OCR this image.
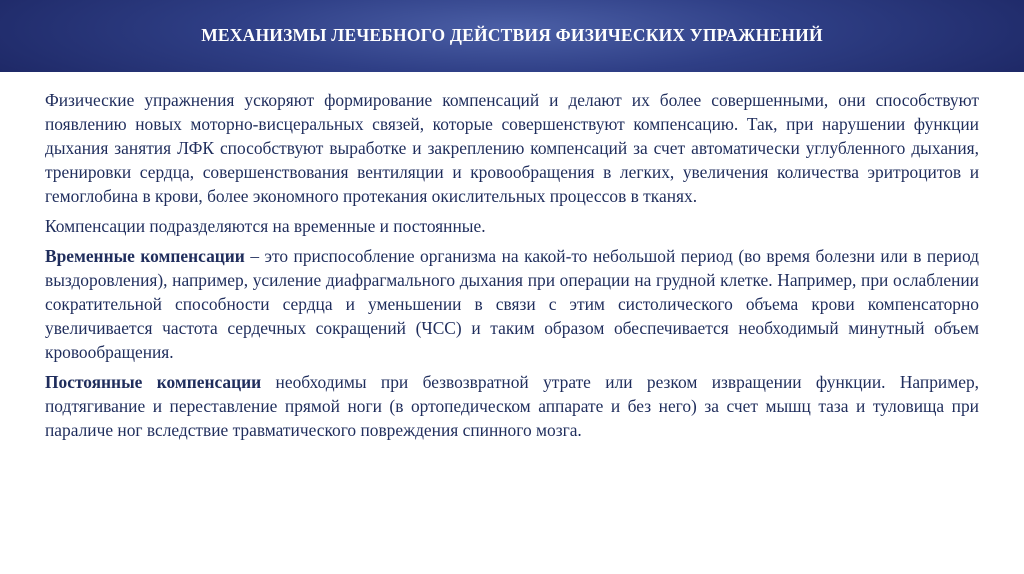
МЕХАНИЗМЫ ЛЕЧЕБНОГО ДЕЙСТВИЯ ФИЗИЧЕСКИХ УПРАЖНЕНИЙ

Физические упражнения ускоряют формирование компенсаций и делают их более совершенными, они способствуют появлению новых моторно-висцеральных связей, которые совершенствуют компенсацию. Так, при нарушении функции дыхания занятия ЛФК способствуют выработке и закреплению компенсаций за счет автоматически углубленного дыхания, тренировки сердца, совершенствования вентиляции и кровообращения в легких, увеличения количества эритроцитов и гемоглобина в крови, более экономного протекания окислительных процессов в тканях.

Компенсации подразделяются на временные и постоянные.

Временные компенсации – это приспособление организма на какой-то небольшой период (во время болезни или в период выздоровления), например, усиление диафрагмального дыхания при операции на грудной клетке. Например, при ослаблении сократительной способности сердца и уменьшении в связи с этим систолического объема крови компенсаторно увеличивается частота сердечных сокращений (ЧСС) и таким образом обеспечивается необходимый минутный объем кровообращения.

Постоянные компенсации необходимы при безвозвратной утрате или резком извращении функции. Например, подтягивание и переставление прямой ноги (в ортопедическом аппарате и без него) за счет мышц таза и туловища при параличе ног вследствие травматического повреждения спинного мозга.
